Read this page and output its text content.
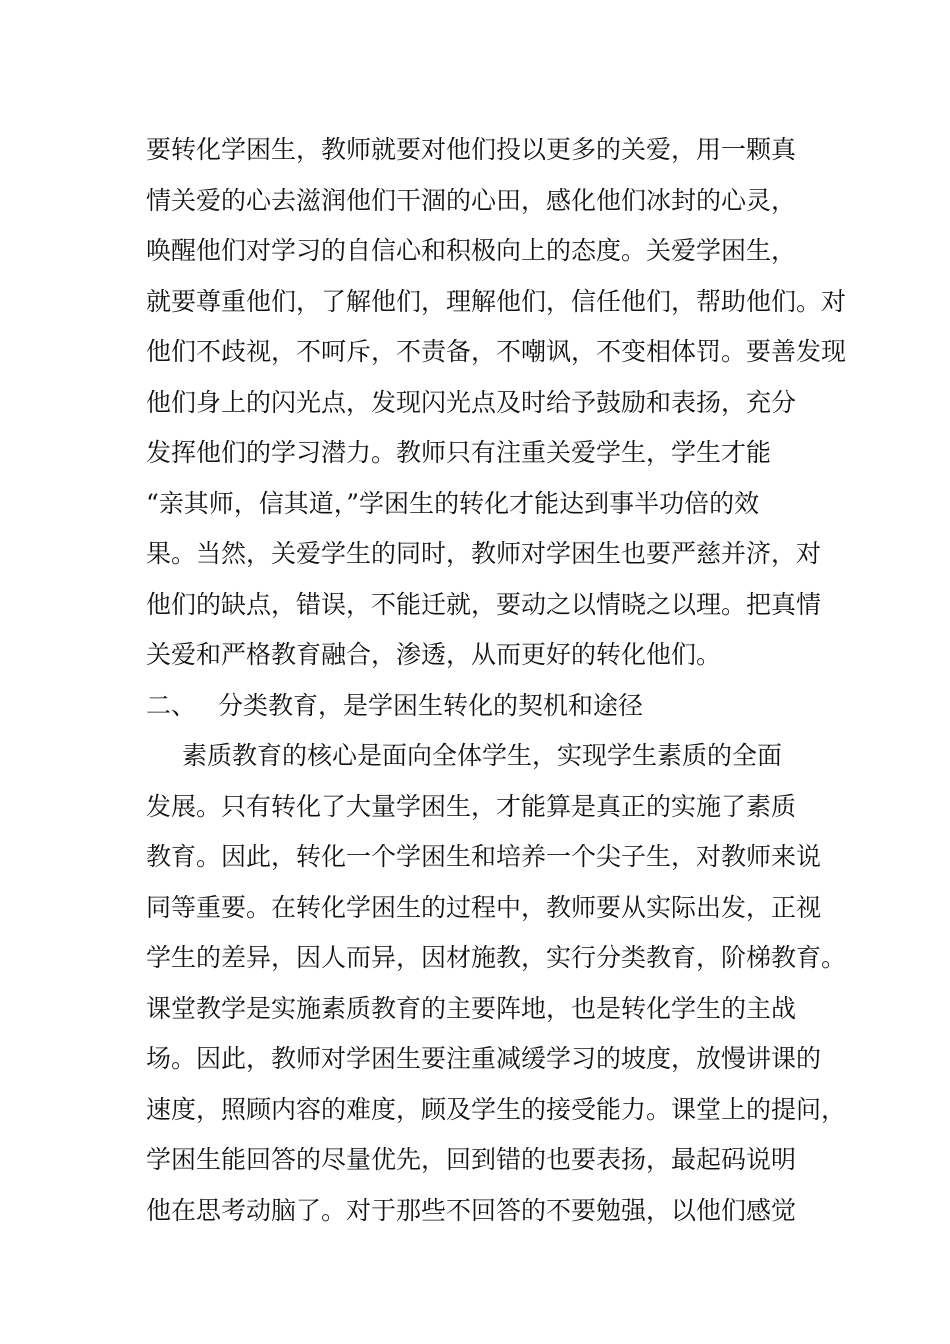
要转化学困生，教师就要对他们投以更多的关爱，用一颗真
情关爱的心去滋润他们干涸的心田，感化他们冰封的心灵，
唤醒他们对学习的自信心和积极向上的态度。关爱学困生，
就要尊重他们，了解他们，理解他们，信任他们，帮助他们。对
他们不歧视，不呵斥，不责备，不嘲讽，不变相体罚。要善发现
他们身上的闪光点，发现闪光点及时给予鼓励和表扬，充分
发挥他们的学习潜力。教师只有注重关爱学生，学生才能
“亲其师，信其道，”学困生的转化才能达到事半功倍的效
果。当然，关爱学生的同时，教师对学困生也要严慈并济，对
他们的缺点，错误，不能迁就，要动之以情晓之以理。把真情
关爱和严格教育融合，渗透，从而更好的转化他们。
二、 分类教育，是学困生转化的契机和途径
素质教育的核心是面向全体学生，实现学生素质的全面
发展。只有转化了大量学困生，才能算是真正的实施了素质
教育。因此，转化一个学困生和培养一个尖子生，对教师来说
同等重要。在转化学困生的过程中，教师要从实际出发，正视
学生的差异，因人而异，因材施教，实行分类教育，阶梯教育。
课堂教学是实施素质教育的主要阵地，也是转化学生的主战
场。因此，教师对学困生要注重减缓学习的坡度，放慢讲课的
速度，照顾内容的难度，顾及学生的接受能力。课堂上的提问，
学困生能回答的尽量优先，回到错的也要表扬，最起码说明
他在思考动脑了。对于那些不回答的不要勉强，以他们感觉
